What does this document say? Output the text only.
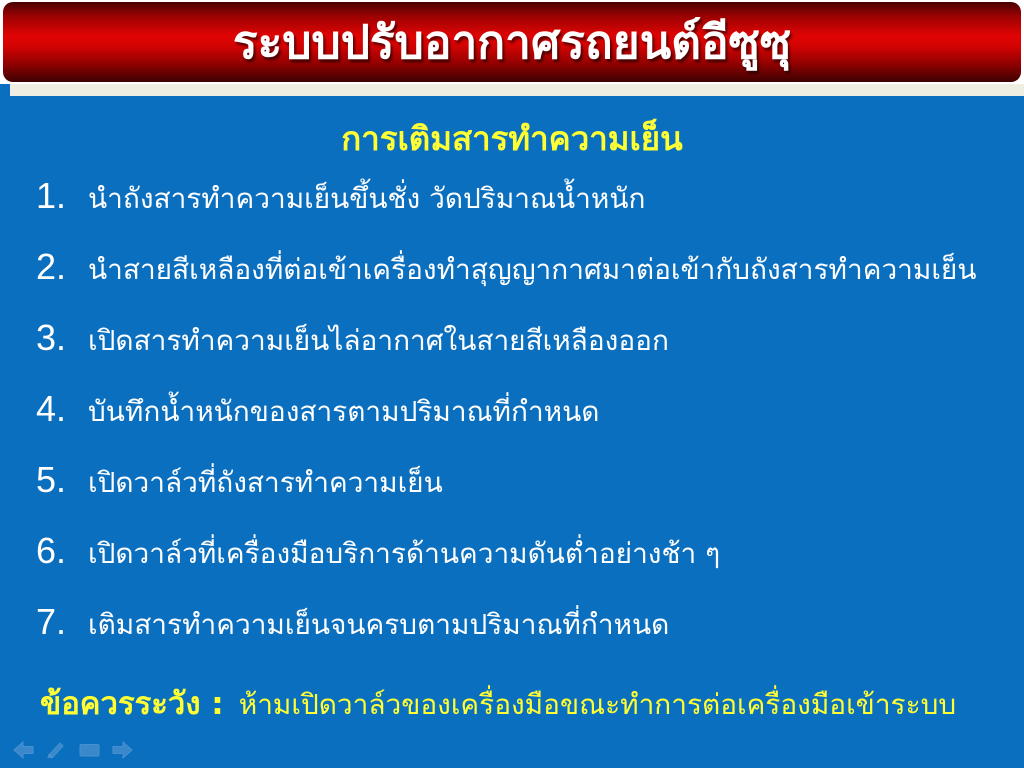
ระบบปรับอากาศรถยนต์อีซูซุ
การเติมสารทำความเย็น
1. นำถังสารทำความเย็นขึ้นชั่ง วัดปริมาณน้ำหนัก
2. นำสายสีเหลืองที่ต่อเข้าเครื่องทำสุญญากาศมาต่อเข้ากับถังสารทำความเย็น
3. เปิดสารทำความเย็นไล่อากาศในสายสีเหลืองออก
4. บันทึกน้ำหนักของสารตามปริมาณที่กำหนด
5. เปิดวาล์วที่ถังสารทำความเย็น
6. เปิดวาล์วที่เครื่องมือบริการด้านความดันต่ำอย่างช้า ๆ
7. เติมสารทำความเย็นจนครบตามปริมาณที่กำหนด
ข้อควรระวัง : ห้ามเปิดวาล์วของเครื่องมือขณะทำการต่อเครื่องมือเข้าระบบ
